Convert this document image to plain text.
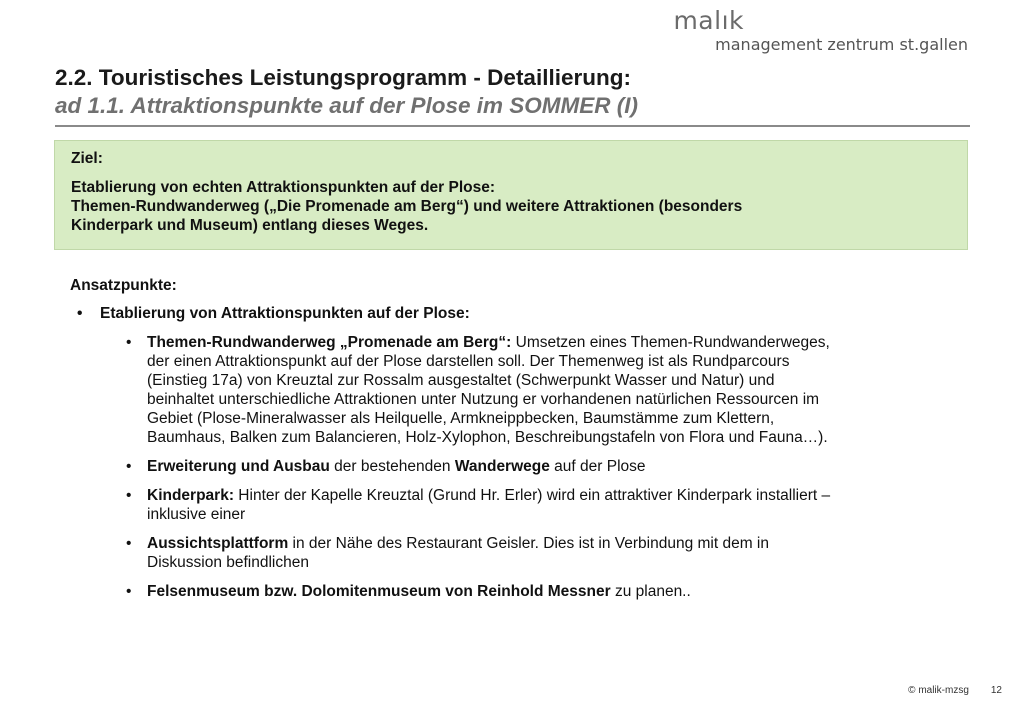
malık
management zentrum st.gallen
2.2. Touristisches Leistungsprogramm - Detaillierung:
ad 1.1. Attraktionspunkte auf der Plose im SOMMER (I)
Ziel:
Etablierung von echten Attraktionspunkten auf der Plose:
Themen-Rundwanderweg („Die Promenade am Berg“) und weitere Attraktionen (besonders
Kinderpark und Museum) entlang dieses Weges.
Ansatzpunkte:
• Etablierung von Attraktionspunkten auf der Plose:
• Themen-Rundwanderweg „Promenade am Berg“: Umsetzen eines Themen-Rundwanderweges,
der einen Attraktionspunkt auf der Plose darstellen soll. Der Themenweg ist als Rundparcours
(Einstieg 17a) von Kreuztal zur Rossalm ausgestaltet (Schwerpunkt Wasser und Natur) und
beinhaltet unterschiedliche Attraktionen unter Nutzung er vorhandenen natürlichen Ressourcen im
Gebiet (Plose-Mineralwasser als Heilquelle, Armkneippbecken, Baumstämme zum Klettern,
Baumhaus, Balken zum Balancieren, Holz-Xylophon, Beschreibungstafeln von Flora und Fauna…).
• Erweiterung und Ausbau der bestehenden Wanderwege auf der Plose
• Kinderpark: Hinter der Kapelle Kreuztal (Grund Hr. Erler) wird ein attraktiver Kinderpark installiert –
inklusive einer
• Aussichtsplattform in der Nähe des Restaurant Geisler. Dies ist in Verbindung mit dem in
Diskussion befindlichen
• Felsenmuseum bzw. Dolomitenmuseum von Reinhold Messner zu planen..
© malik-mzsg 12
